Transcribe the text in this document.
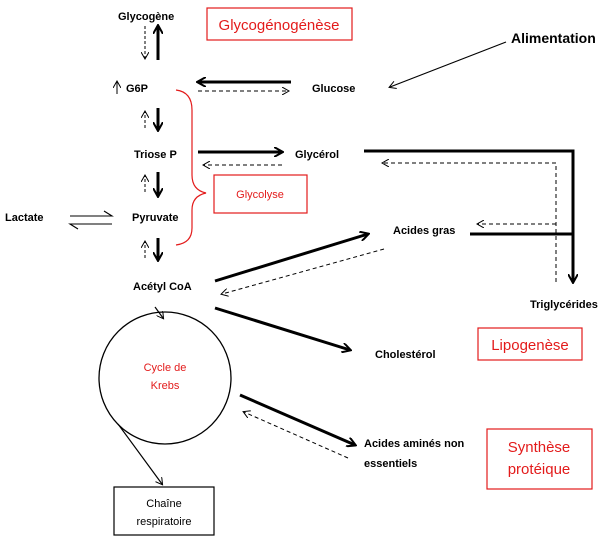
Glycogène
G6P	Glucose
Triose P	Glycérol
Lactate	Pyruvate
Acides gras
Acétyl CoA
Triglycérides
Cholestérol
Acides aminés non
essentiels
Alimentation
Glycogénogénèse
Glycolyse
Lipogenèse
Synthèse
protéique
Cycle de
Krebs
Chaîne
respiratoire
